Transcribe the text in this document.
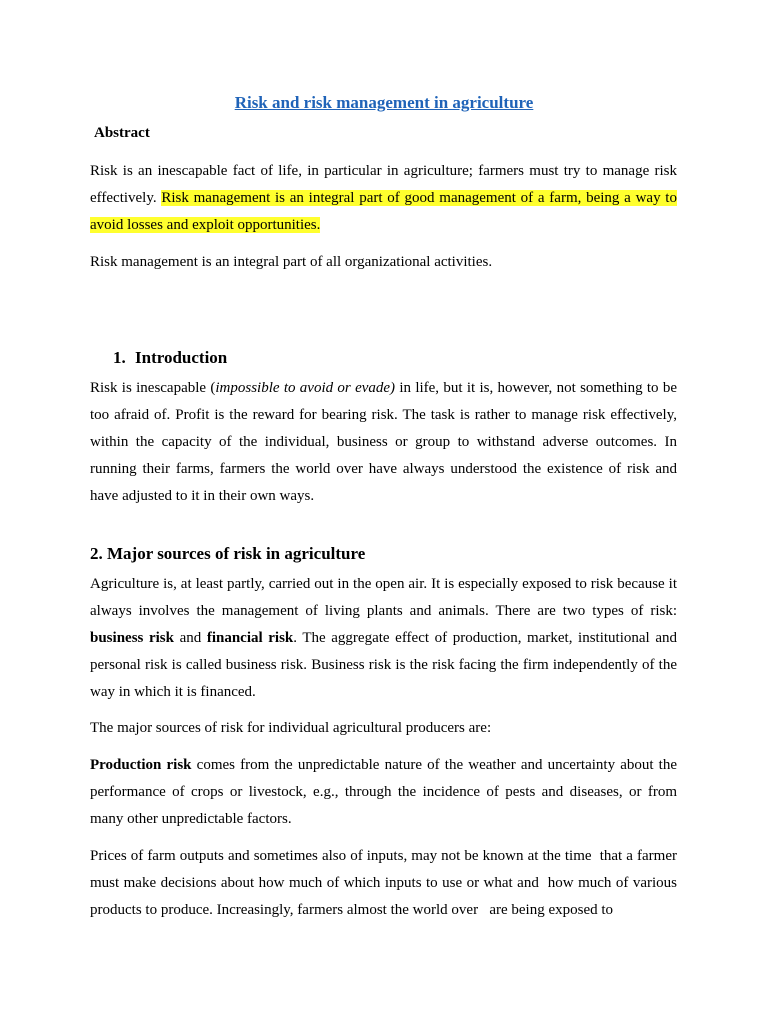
Risk and risk management in agriculture

Abstract

Risk is an inescapable fact of life, in particular in agriculture; farmers must try to manage risk effectively. Risk management is an integral part of good management of a farm, being a way to avoid losses and exploit opportunities.

Risk management is an integral part of all organizational activities.

1. Introduction

Risk is inescapable (impossible to avoid or evade) in life, but it is, however, not something to be too afraid of. Profit is the reward for bearing risk. The task is rather to manage risk effectively, within the capacity of the individual, business or group to withstand adverse outcomes. In running their farms, farmers the world over have always understood the existence of risk and have adjusted to it in their own ways.

2. Major sources of risk in agriculture

Agriculture is, at least partly, carried out in the open air. It is especially exposed to risk because it always involves the management of living plants and animals. There are two types of risk: business risk and financial risk. The aggregate effect of production, market, institutional and personal risk is called business risk. Business risk is the risk facing the firm independently of the way in which it is financed.

The major sources of risk for individual agricultural producers are:

Production risk comes from the unpredictable nature of the weather and uncertainty about the performance of crops or livestock, e.g., through the incidence of pests and diseases, or from many other unpredictable factors.

Prices of farm outputs and sometimes also of inputs, may not be known at the time  that a farmer must make decisions about how much of which inputs to use or what and  how much of various products to produce. Increasingly, farmers almost the world over   are being exposed to
